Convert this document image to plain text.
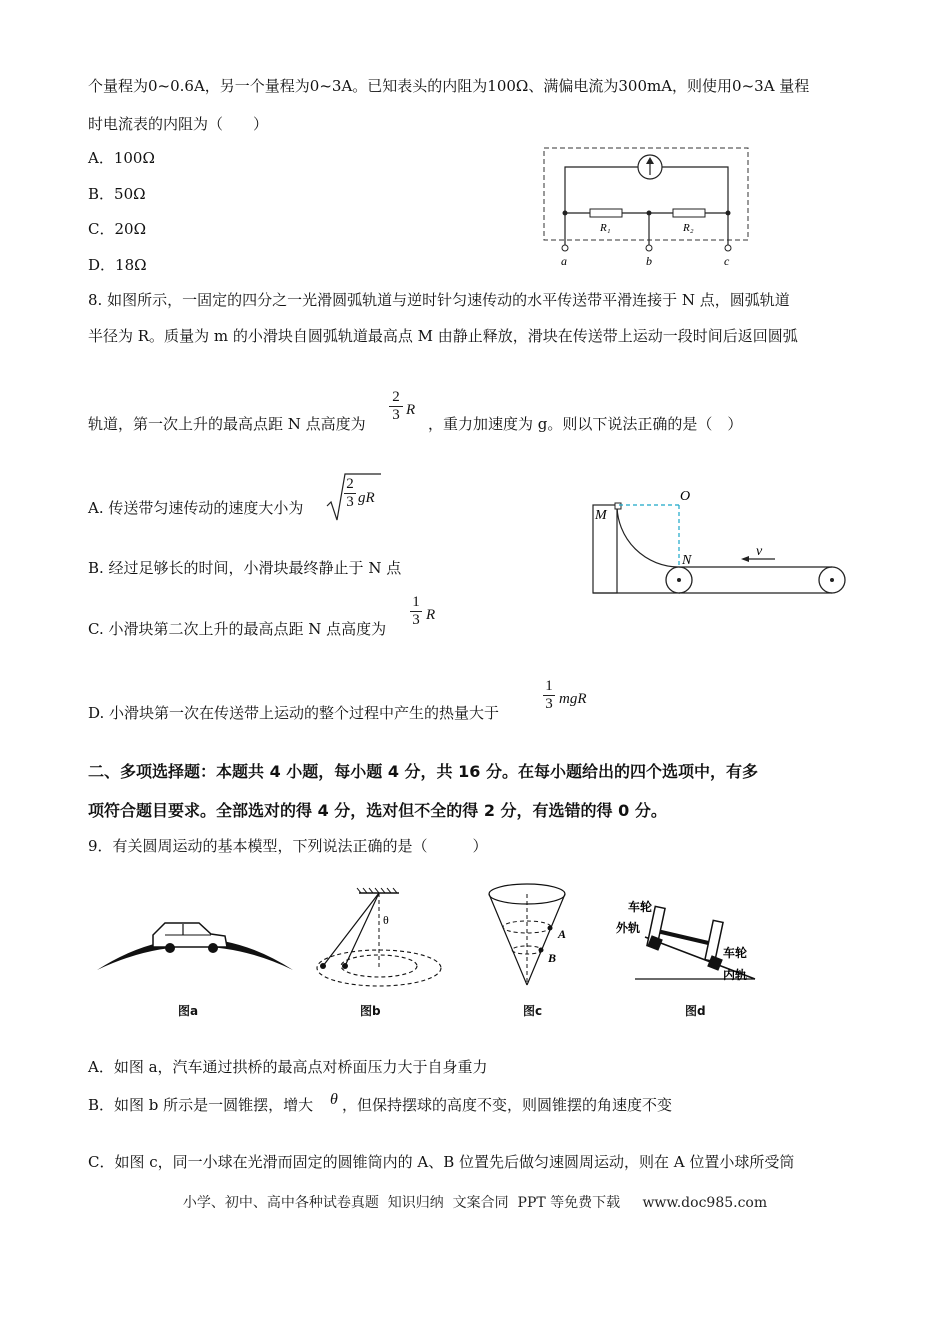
个量程为0~0.6A，另一个量程为0~3A。已知表头的内阻为100Ω、满偏电流为300mA，则使用0~3A 量程
时电流表的内阻为（　　）
A．100Ω
B．50Ω
C．20Ω
D．18Ω
R₁	R₂
a	b	c
8. 如图所示，一固定的四分之一光滑圆弧轨道与逆时针匀速传动的水平传送带平滑连接于 N 点，圆弧轨道
半径为 R。质量为 m 的小滑块自圆弧轨道最高点 M 由静止释放，滑块在传送带上运动一段时间后返回圆弧
轨道，第一次上升的最高点距 N 点高度为 $\frac{2}{3}$ R
，重力加速度为 g。则以下说法正确的是（　）
A. 传送带匀速传动的速度大小为	$\frac{2}{3}$ gR
B. 经过足够长的时间，小滑块最终静止于 N 点
C. 小滑块第二次上升的最高点距 N 点高度为 $\frac{1}{3}$ R
D. 小滑块第一次在传送带上运动的整个过程中产生的热量大于	$\frac{1}{3}$ mgR
O
M
N
v
二、多项选择题：本题共 4 小题，每小题 4 分，共 16 分。在每小题给出的四个选项中，有多
项符合题目要求。全部选对的得 4 分，选对但不全的得 2 分，有选错的得 0 分。
9．有关圆周运动的基本模型，下列说法正确的是（　　　）
图a
θ
图b
A
B
图c
车轮
外轨
车轮
内轨
图d
A．如图 a，汽车通过拱桥的最高点对桥面压力大于自身重力
B．如图 b 所示是一圆锥摆，增大 θ ，但保持摆球的高度不变，则圆锥摆的角速度不变
C．如图 c，同一小球在光滑而固定的圆锥筒内的 A、B 位置先后做匀速圆周运动，则在 A 位置小球所受筒
小学、初中、高中各种试卷真题  知识归纳  文案合同  PPT 等免费下载     www.doc985.com
